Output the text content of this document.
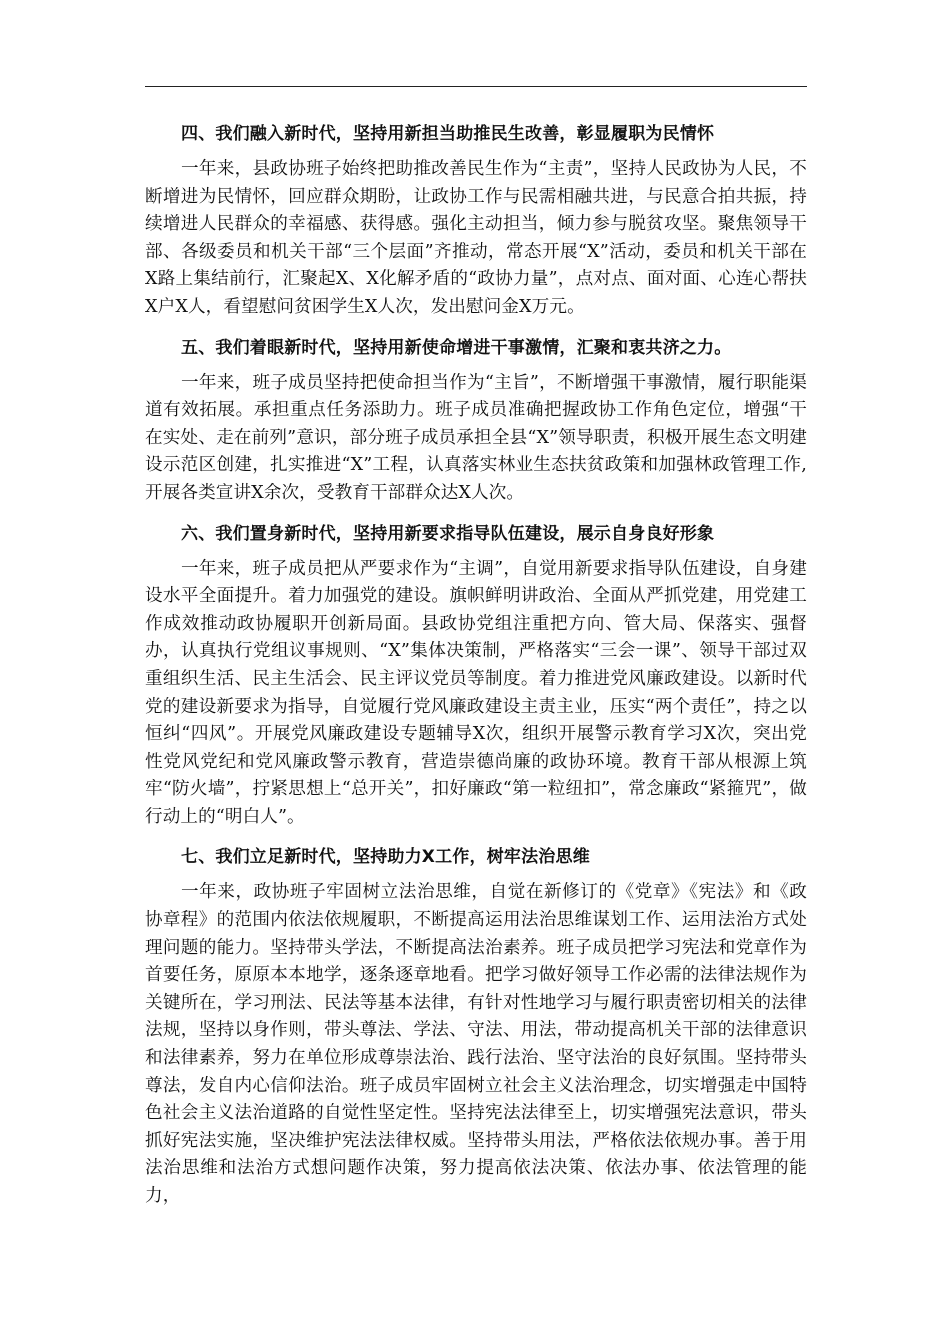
四、我们融入新时代，坚持用新担当助推民生改善，彰显履职为民情怀
一年来，县政协班子始终把助推改善民生作为“主责”，坚持人民政协为人民，不断增进为民情怀，回应群众期盼，让政协工作与民需相融共进，与民意合拍共振，持续增进人民群众的幸福感、获得感。强化主动担当，倾力参与脱贫攻坚。聚焦领导干部、各级委员和机关干部“三个层面”齐推动，常态开展“X”活动，委员和机关干部在X路上集结前行，汇聚起X、X化解矛盾的“政协力量”，点对点、面对面、心连心帮扶X户X人，看望慰问贫困学生X人次，发出慰问金X万元。
五、我们着眼新时代，坚持用新使命增进干事激情，汇聚和衷共济之力。
一年来，班子成员坚持把使命担当作为“主旨”，不断增强干事激情，履行职能渠道有效拓展。承担重点任务添助力。班子成员准确把握政协工作角色定位，增强“干在实处、走在前列”意识，部分班子成员承担全县“X”领导职责，积极开展生态文明建设示范区创建，扎实推进“X”工程，认真落实林业生态扶贫政策和加强林政管理工作,开展各类宣讲X余次，受教育干部群众达X人次。
六、我们置身新时代，坚持用新要求指导队伍建设，展示自身良好形象
一年来，班子成员把从严要求作为“主调”，自觉用新要求指导队伍建设，自身建设水平全面提升。着力加强党的建设。旗帜鲜明讲政治、全面从严抓党建，用党建工作成效推动政协履职开创新局面。县政协党组注重把方向、管大局、保落实、强督办，认真执行党组议事规则、“X”集体决策制，严格落实“三会一课”、领导干部过双重组织生活、民主生活会、民主评议党员等制度。着力推进党风廉政建设。以新时代党的建设新要求为指导，自觉履行党风廉政建设主责主业，压实“两个责任”，持之以恒纠“四风”。开展党风廉政建设专题辅导X次，组织开展警示教育学习X次，突出党性党风党纪和党风廉政警示教育，营造崇德尚廉的政协环境。教育干部从根源上筑牢“防火墙”，拧紧思想上“总开关”，扣好廉政“第一粒纽扣”，常念廉政“紧箍咒”，做行动上的“明白人”。
七、我们立足新时代，坚持助力X工作，树牢法治思维
一年来，政协班子牢固树立法治思维，自觉在新修订的《党章》《宪法》和《政协章程》的范围内依法依规履职，不断提高运用法治思维谋划工作、运用法治方式处理问题的能力。坚持带头学法，不断提高法治素养。班子成员把学习宪法和党章作为首要任务，原原本本地学，逐条逐章地看。把学习做好领导工作必需的法律法规作为关键所在，学习刑法、民法等基本法律，有针对性地学习与履行职责密切相关的法律法规，坚持以身作则，带头尊法、学法、守法、用法，带动提高机关干部的法律意识和法律素养，努力在单位形成尊崇法治、践行法治、坚守法治的良好氛围。坚持带头尊法，发自内心信仰法治。班子成员牢固树立社会主义法治理念，切实增强走中国特色社会主义法治道路的自觉性坚定性。坚持宪法法律至上，切实增强宪法意识，带头抓好宪法实施，坚决维护宪法法律权威。坚持带头用法，严格依法依规办事。善于用法治思维和法治方式想问题作决策，努力提高依法决策、依法办事、依法管理的能力，
